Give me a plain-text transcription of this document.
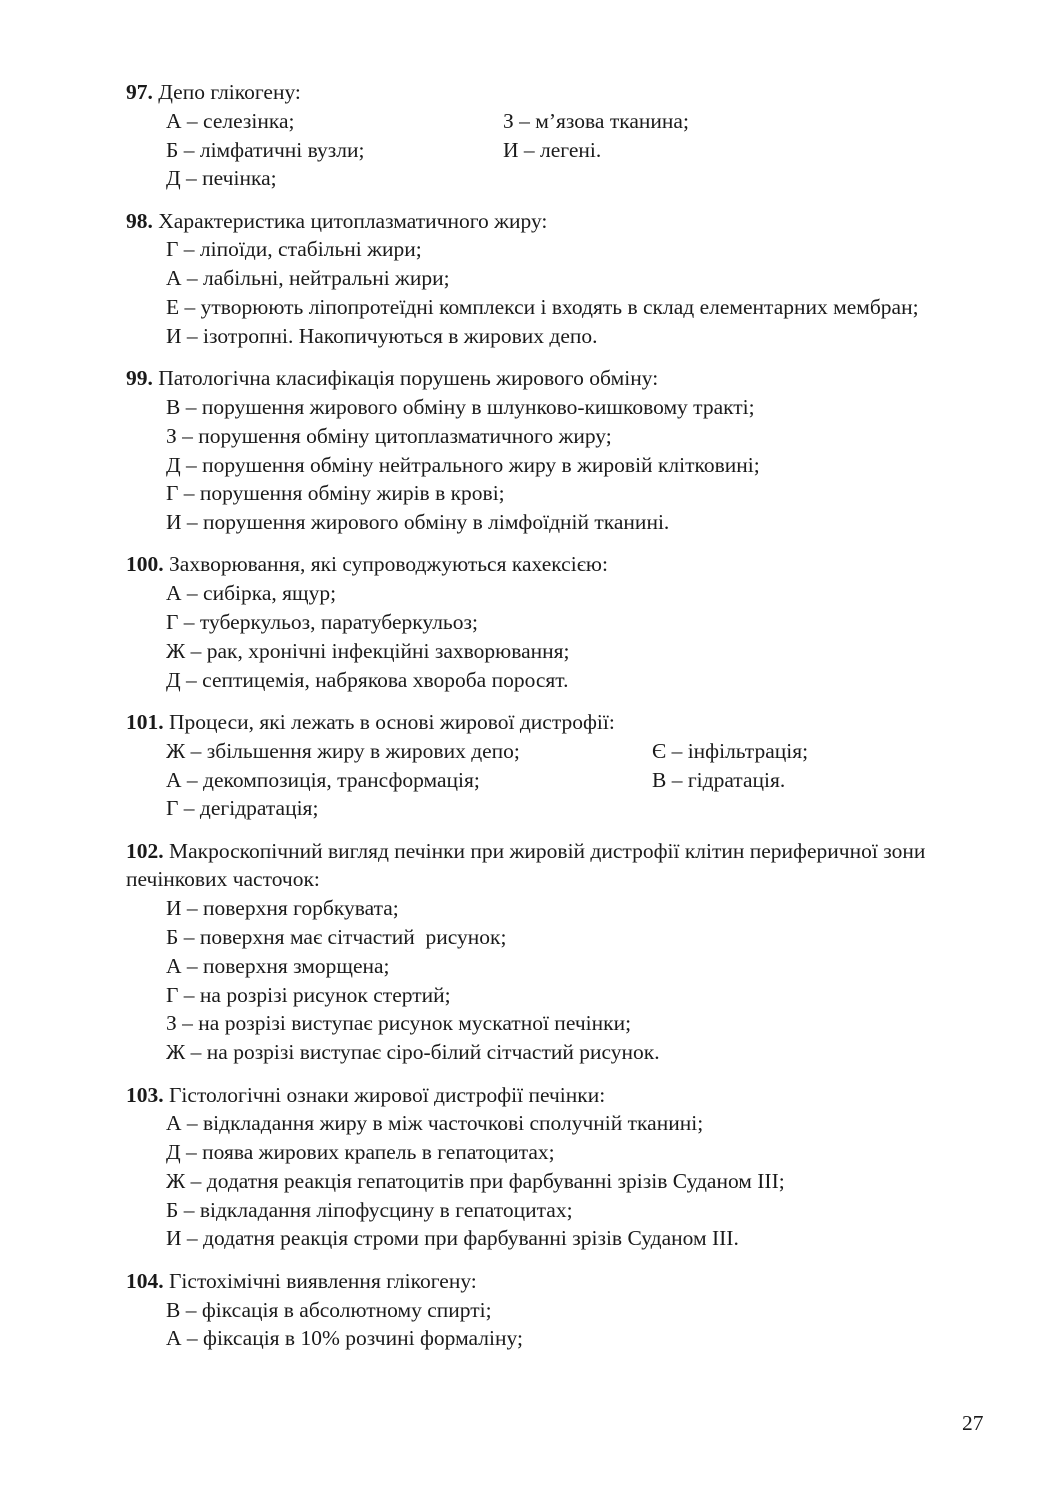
97. Депо глікогену:

А – селезінка;	З – м’язова тканина;
Б – лімфатичні вузли;	И – легені.
Д – печінка;

98. Характеристика цитоплазматичного жиру:

Г – ліпоїди, стабільні жири;
А – лабільні, нейтральні жири;
Е – утворюють ліпопротеїдні комплекси і входять в склад елементарних мембран;
И – ізотропні. Накопичуються в жирових депо.

99. Патологічна класифікація порушень жирового обміну:

В – порушення жирового обміну в шлунково-кишковому тракті;
З – порушення обміну цитоплазматичного жиру;
Д – порушення обміну нейтрального жиру в жировій клітковині;
Г – порушення обміну жирів в крові;
И – порушення жирового обміну в лімфоїдній тканині.

100. Захворювання, які супроводжуються кахексією:

А – сибірка, ящур;
Г – туберкульоз, паратуберкульоз;
Ж – рак, хронічні інфекційні захворювання;
Д – септицемія, набрякова хвороба поросят.

101. Процеси, які лежать в основі жирової дистрофії:

Ж – збільшення жиру в жирових депо;	Є – інфільтрація;
А – декомпозиція, трансформація;	В – гідратація.
Г – дегідратація;

102. Макроскопічний вигляд печінки при жировій дистрофії клітин периферичної зони печінкових часточок:

И – поверхня горбкувата;
Б – поверхня має сітчастий  рисунок;
А – поверхня зморщена;
Г – на розрізі рисунок стертий;
З – на розрізі виступає рисунок мускатної печінки;
Ж – на розрізі виступає сіро-білий сітчастий рисунок.

103. Гістологічні ознаки жирової дистрофії печінки:

А – відкладання жиру в між часточкові сполучній тканині;
Д – поява жирових крапель в гепатоцитах;
Ж – додатня реакція гепатоцитів при фарбуванні зрізів Суданом ІІІ;
Б – відкладання ліпофусцину в гепатоцитах;
И – додатня реакція строми при фарбуванні зрізів Суданом ІІІ.

104. Гістохімічні виявлення глікогену:

В – фіксація в абсолютному спирті;
А – фіксація в 10% розчині формаліну;
27
